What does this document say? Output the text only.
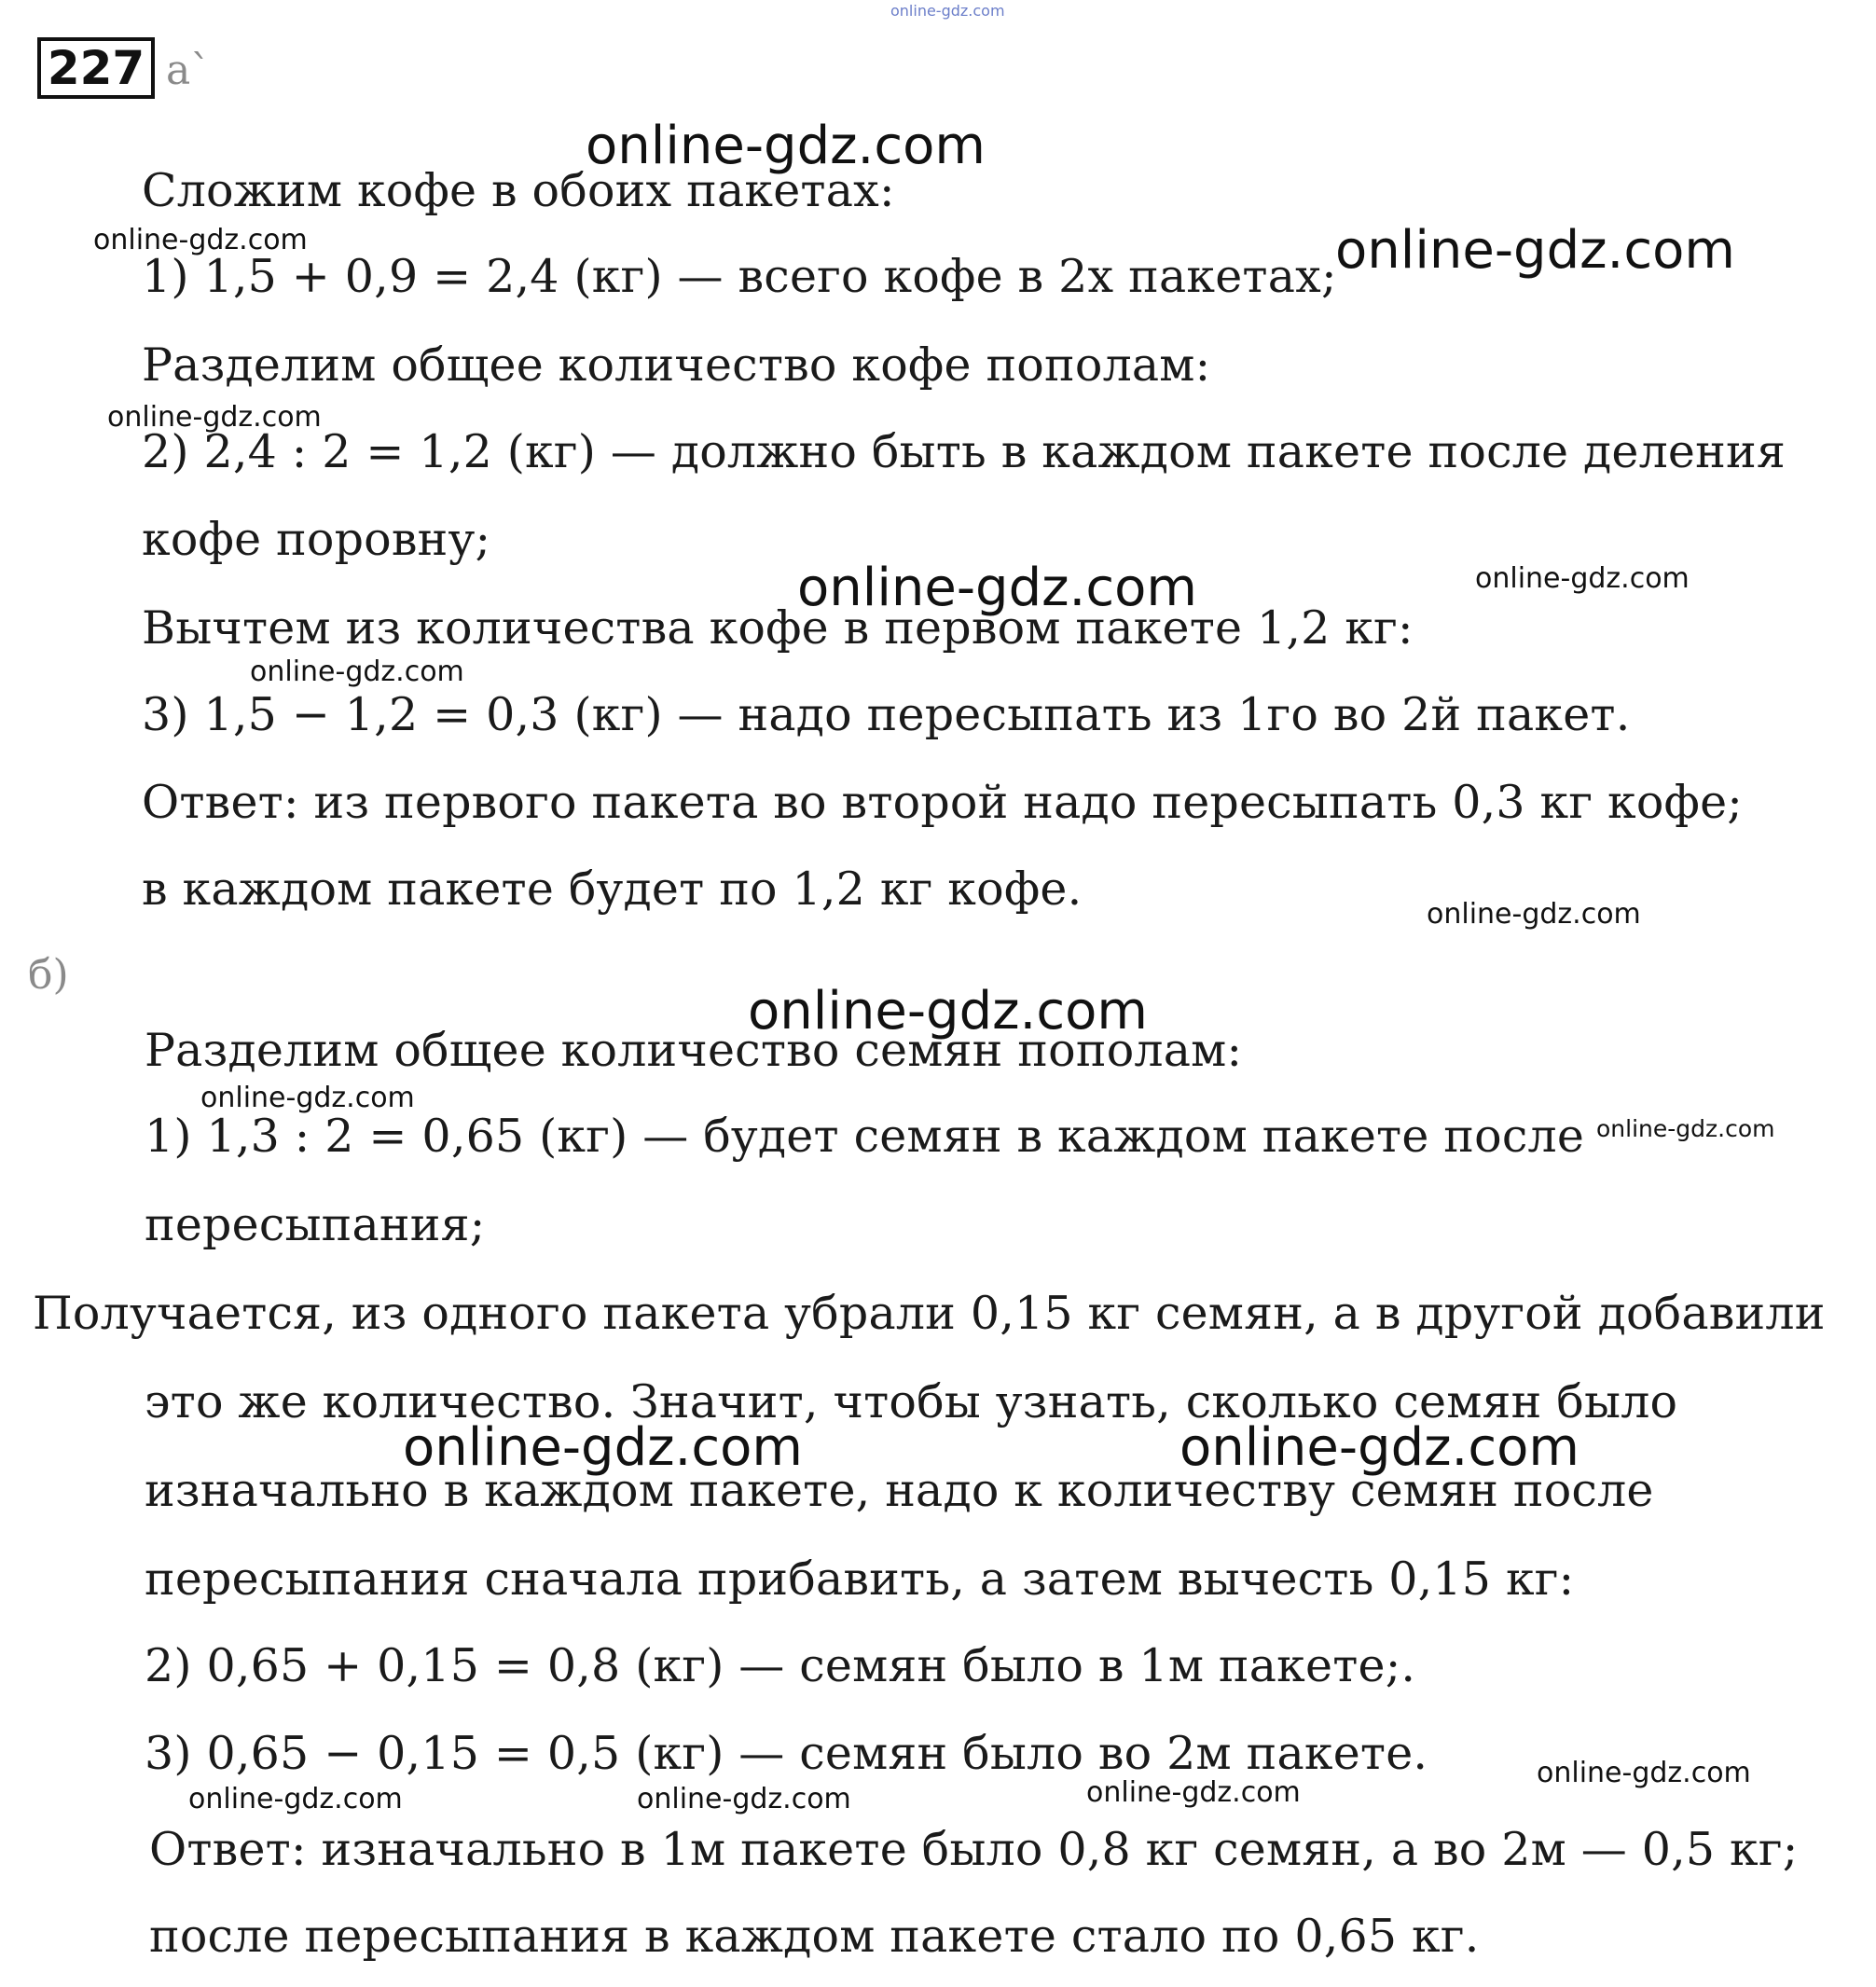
online-gdz.com
227 а`
Сложим кофе в обоих пакетах:
1) 1,5 + 0,9 = 2,4 (кг) — всего кофе в 2х пакетах;
Разделим общее количество кофе пополам:
2) 2,4 : 2 = 1,2 (кг) — должно быть в каждом пакете после деления
кофе поровну;
Вычтем из количества кофе в первом пакете 1,2 кг:
3) 1,5 − 1,2 = 0,3 (кг) — надо пересыпать из 1го во 2й пакет.
Ответ: из первого пакета во второй надо пересыпать 0,3 кг кофе;
в каждом пакете будет по 1,2 кг кофе.
б)
Разделим общее количество семян пополам:
1) 1,3 : 2 = 0,65 (кг) — будет семян в каждом пакете после
пересыпания;
Получается, из одного пакета убрали 0,15 кг семян, а в другой добавили
это же количество. Значит, чтобы узнать, сколько семян было
изначально в каждом пакете, надо к количеству семян после
пересыпания сначала прибавить, а затем вычесть 0,15 кг:
2) 0,65 + 0,15 = 0,8 (кг) — семян было в 1м пакете;.
3) 0,65 − 0,15 = 0,5 (кг) — семян было во 2м пакете.
Ответ: изначально в 1м пакете было 0,8 кг семян, а во 2м — 0,5 кг;
после пересыпания в каждом пакете стало по 0,65 кг.
online-gdz.com
online-gdz.com	online-gdz.com
online-gdz.com
online-gdz.com	online-gdz.com
online-gdz.com
online-gdz.com
online-gdz.com
online-gdz.com
online-gdz.com
online-gdz.com	online-gdz.com
online-gdz.com
online-gdz.com
online-gdz.com	online-gdz.com
